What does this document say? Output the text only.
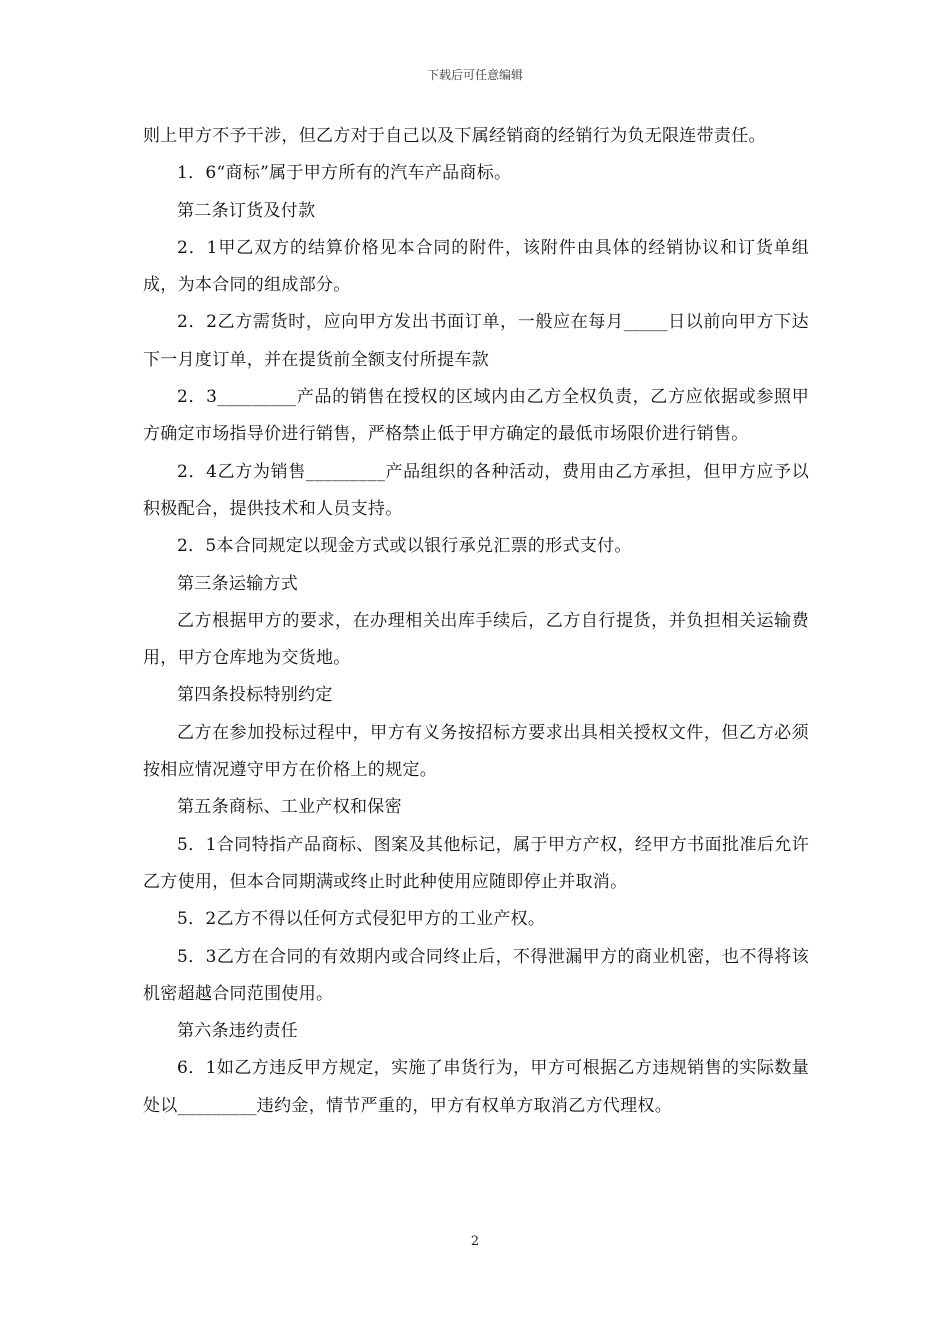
下载后可任意编辑

则上甲方不予干涉，但乙方对于自己以及下属经销商的经销行为负无限连带责任。

1．6“商标”属于甲方所有的汽车产品商标。

第二条订货及付款

2．1甲乙双方的结算价格见本合同的附件，该附件由具体的经销协议和订货单组成，为本合同的组成部分。

2．2乙方需货时，应向甲方发出书面订单，一般应在每月_____日以前向甲方下达下一月度订单，并在提货前全额支付所提车款

2．3_________产品的销售在授权的区域内由乙方全权负责，乙方应依据或参照甲方确定市场指导价进行销售，严格禁止低于甲方确定的最低市场限价进行销售。

2．4乙方为销售_________产品组织的各种活动，费用由乙方承担，但甲方应予以积极配合，提供技术和人员支持。

2．5本合同规定以现金方式或以银行承兑汇票的形式支付。

第三条运输方式

乙方根据甲方的要求，在办理相关出库手续后，乙方自行提货，并负担相关运输费用，甲方仓库地为交货地。

第四条投标特别约定

乙方在参加投标过程中，甲方有义务按招标方要求出具相关授权文件，但乙方必须按相应情况遵守甲方在价格上的规定。

第五条商标、工业产权和保密

5．1合同特指产品商标、图案及其他标记，属于甲方产权，经甲方书面批准后允许乙方使用，但本合同期满或终止时此种使用应随即停止并取消。

5．2乙方不得以任何方式侵犯甲方的工业产权。

5．3乙方在合同的有效期内或合同终止后，不得泄漏甲方的商业机密，也不得将该机密超越合同范围使用。

第六条违约责任

6．1如乙方违反甲方规定，实施了串货行为，甲方可根据乙方违规销售的实际数量处以_________违约金，情节严重的，甲方有权单方取消乙方代理权。

2
